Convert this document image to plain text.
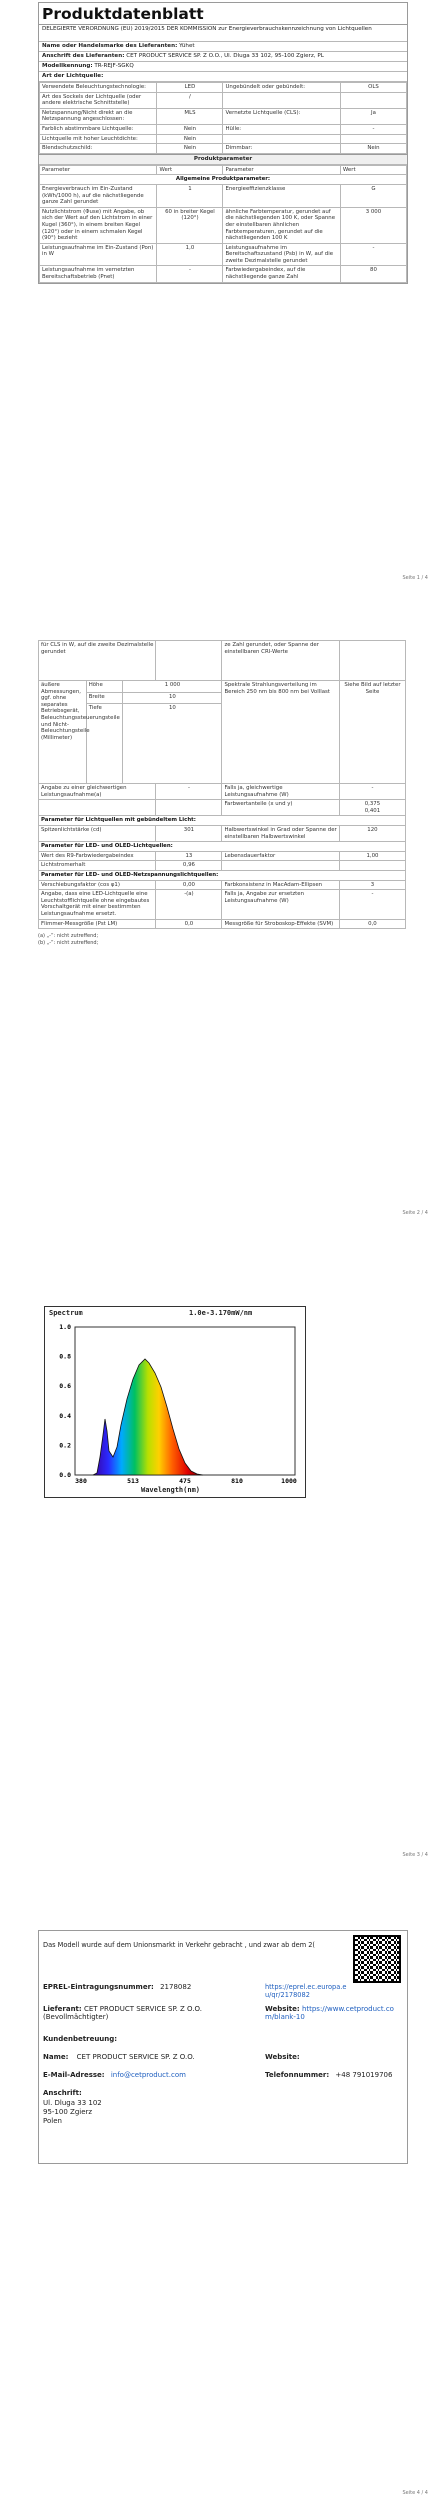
Produktdatenblatt
DELEGIERTE VERORDNUNG (EU) 2019/2015 DER KOMMISSION zur Energieverbrauchskennzeichnung von Lichtquellen
Name oder Handelsmarke des Lieferanten: Yühet
Anschrift des Lieferanten: CET PRODUCT SERVICE SP. Z O.O., Ul. Dluga 33 102, 95-100 Zgierz, PL
Modellkennung: TR-REJF-SGKQ
Art der Lichtquelle:
Verwendete Beleuchtungstechnologie:	LED	Ungebündelt oder gebündelt:	OLS
Art des Sockels der Lichtquelle (oder andere elektrische Schnittstelle)	/		
Netzspannung/Nicht direkt an die Netzspannung angeschlossen:	MLS	Vernetzte Lichtquelle (CLS):	Ja
Farblich abstimmbare Lichtquelle:	Nein	Hülle:	-
Lichtquelle mit hoher Leuchtdichte:	Nein		
Blendschutzschild:	Nein	Dimmbar:	Nein
Produktparameter
Parameter	Wert	Parameter	Wert
Allgemeine Produktparameter:			
Energieverbrauch im Ein-Zustand (kWh/1000 h), auf die nächstliegende ganze Zahl gerundet	1	Energieeffizienzklasse	G
Nutzlichtstrom (Φuse) mit Angabe, ob sich der Wert auf den Lichtstrom in einer Kugel (360°), in einem breiten Kegel (120°) oder in einem schmalen Kegel (90°) bezieht	60 in breiter Kegel (120°)	ähnliche Farbtemperatur, gerundet auf die nächstliegenden 100 K, oder Spanne der einstellbaren ähnlichen Farbtemperaturen, gerundet auf die nächstliegenden 100 K	3 000
Leistungsaufnahme im Ein-Zustand (Pon) in W	1,0	Leistungsaufnahme im Bereitschaftszustand (Psb) in W, auf die zweite Dezimalstelle gerundet	-
Leistungsaufnahme im vernetzten Bereitschaftsbetrieb (Pnet)	-	Farbwiedergabeindex, auf die nächstliegende ganze Zahl	80
Seite 1 / 4
für CLS in W, auf die zweite Dezimalstelle gerundet				ze Zahl gerundet, oder Spanne der einstellbaren CRI-Werte	
äußere Abmessungen, ggf. ohne separates Betriebsgerät, Beleuchtungssteuerungsteile und Nicht-Beleuchtungsteile (Millimeter)	Höhe	1 000		Spektrale Strahlungsverteilung im Bereich 250 nm bis 800 nm bei Volllast	Siehe Bild auf letzter Seite
	Breite	10			
	Tiefe	10			
Angabe zu einer gleichwertigen Leistungsaufnahme(a)			-	Falls ja, gleichwertige Leistungsaufnahme (W)	-
				Farbwertanteile (x und y)	0,375
0,401
Parameter für Lichtquellen mit gebündeltem Licht:					
Spitzenlichtstärke (cd)			301	Halbwertswinkel in Grad oder Spanne der einstellbaren Halbwertswinkel	120
Parameter für LED- und OLED-Lichtquellen:					
Wert des R9-Farbwiedergabeindex			13	Lebensdauerfaktor	1,00
Lichtstromerhalt			0,96		
Parameter für LED- und OLED-Netzspannungslichtquellen:					
Verschiebungsfaktor (cos φ1)			0,00	Farbkonsistenz in MacAdam-Ellipsen	3
Angabe, dass eine LED-Lichtquelle eine Leuchtstofflichtquelle ohne eingebautes Vorschaltgerät mit einer bestimmten Leistungsaufnahme ersetzt.			-(a)	Falls ja, Angabe zur ersetzten Leistungsaufnahme (W)	-
Flimmer-Messgröße (Pst LM)			0,0	Messgröße für Stroboskop-Effekte (SVM)	0,0
(a) „-“: nicht zutreffend;
(b) „-“: nicht zutreffend;
Seite 2 / 4
Spectrum	1.0e-3.170mW/nm
1.0
0.8
0.6
0.4
0.2
0.0
380	513	475	810	1000
Wavelength(nm)
Seite 3 / 4
Das Modell wurde auf dem Unionsmarkt in Verkehr gebracht , und zwar ab dem 2(
EPREL-Eintragungsnummer: 2178082	https://eprel.ec.europa.eu/qr/2178082
Lieferant: CET PRODUCT SERVICE SP. Z O.O. (Bevollmächtigter)
Website: https://www.cetproduct.com/blank-10
Kundenbetreuung:
Name: CET PRODUCT SERVICE SP. Z O.O.	Website:
E-Mail-Adresse: info@cetproduct.com	Telefonnummer: +48 791019706
Anschrift:
Ul. Dluga 33 102
95-100 Zgierz
Polen
Seite 4 / 4
